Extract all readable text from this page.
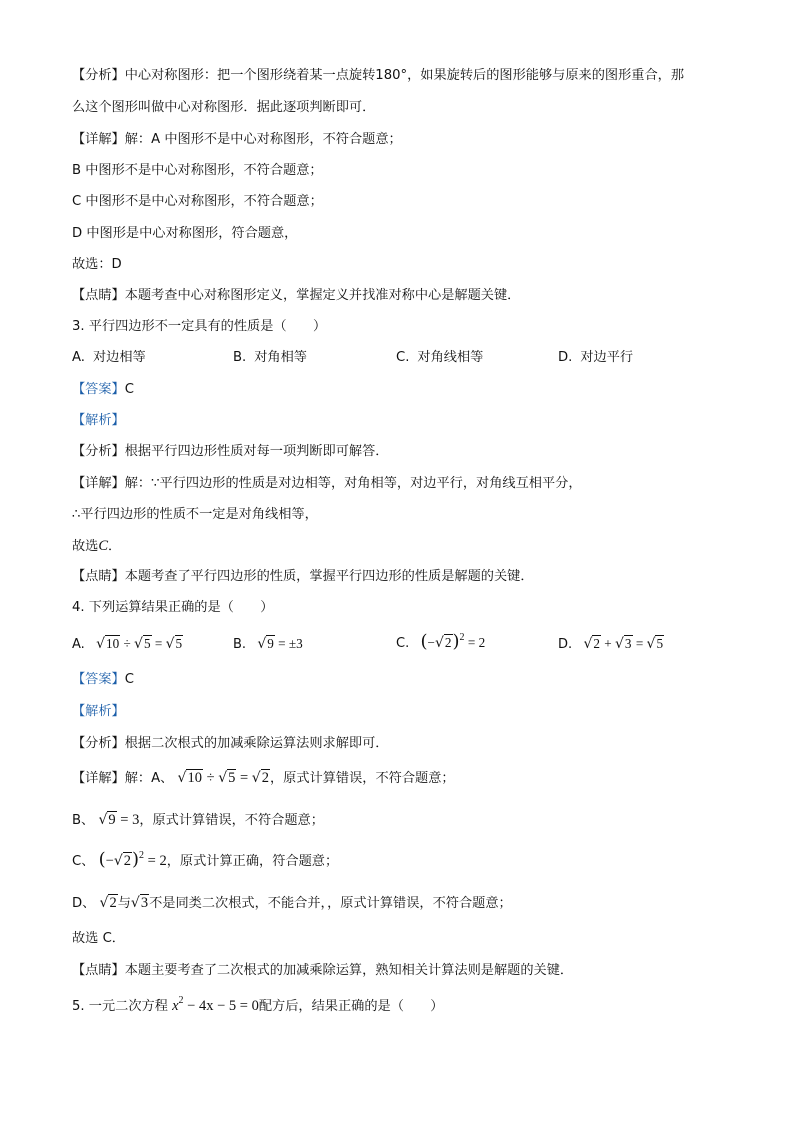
【分析】中心对称图形：把一个图形绕着某一点旋转180°，如果旋转后的图形能够与原来的图形重合，那
么这个图形叫做中心对称图形．据此逐项判断即可．
【详解】解：A 中图形不是中心对称图形，不符合题意；
B 中图形不是中心对称图形，不符合题意；
C 中图形不是中心对称图形，不符合题意；
D 中图形是中心对称图形，符合题意，
故选：D
【点睛】本题考查中心对称图形定义，掌握定义并找准对称中心是解题关键．
3. 平行四边形不一定具有的性质是（　　）
A. 对边相等	B. 对角相等	C. 对角线相等	D. 对边平行
【答案】C
【解析】
【分析】根据平行四边形性质对每一项判断即可解答．
【详解】解：∵平行四边形的性质是对边相等，对角相等，对边平行，对角线互相平分，
∴平行四边形的性质不一定是对角线相等，
故选C．
【点睛】本题考查了平行四边形的性质，掌握平行四边形的性质是解题的关键．
4. 下列运算结果正确的是（　　）
A. √10 ÷ √5 = √5	B. √9 = ±3	C. $(-√2)^2 = 2$	D. √2 + √3 = √5
【答案】C
【解析】
【分析】根据二次根式的加减乘除运算法则求解即可．
【详解】解：A、 √10 ÷ √5 = √2，原式计算错误，不符合题意；
B、 √9 = 3，原式计算错误，不符合题意；
C、 $(-√2)^2 = 2$，原式计算正确，符合题意；
D、 √2与√3不是同类二次根式，不能合并，，原式计算错误，不符合题意；
故选 C．
【点睛】本题主要考查了二次根式的加减乘除运算，熟知相关计算法则是解题的关键．
5. 一元二次方程 $x^2 - 4x - 5 = 0$配方后，结果正确的是（　　）
